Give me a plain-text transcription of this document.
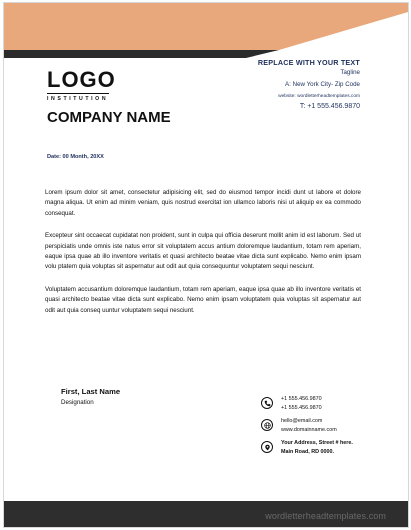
LOGO
INSTITUTION
COMPANY NAME
REPLACE WITH YOUR TEXT
Tagline
A: New York City- Zip Code
website: wordletterheadtemplates.com
T: +1 555.456.9870
Date: 00 Month, 20XX

Lorem ipsum dolor sit amet, consectetur adipisicing elit, sed do eiusmod tempor incidi dunt ut labore et dolore magna aliqua. Ut enim ad minim veniam, quis nostrud exercitat ion ullamco laboris nisi ut aliquip ex ea commodo consequat.

Excepteur sint occaecat cupidatat non proident, sunt in culpa qui officia deserunt mollit anim id est laborum. Sed ut perspiciatis unde omnis iste natus error sit voluptatem accus antium doloremque laudantium, totam rem aperiam, eaque ipsa quae ab illo inventore veritatis et quasi architecto beatae vitae dicta sunt explicabo. Nemo enim ipsam volu ptatem quia voluptas sit aspernatur aut odit aut quia consequuntur voluptatem sequi nesciunt.

Voluptatem accusantium doloremque laudantium, totam rem aperiam, eaque ipsa quae ab illo inventore veritatis et quasi architecto beatae vitae dicta sunt explicabo. Nemo enim ipsam voluptatem quia voluptas sit aspernatur aut odit aut quia conseq uuntur voluptatem sequi nesciunt.

First, Last Name
Designation	+1 555.456.9870
+1 555.456.9870
hello@email.com
www.domainname.com
Your Address, Street # here.
Main Road, RD 0000.
wordletterheadtemplates.com
